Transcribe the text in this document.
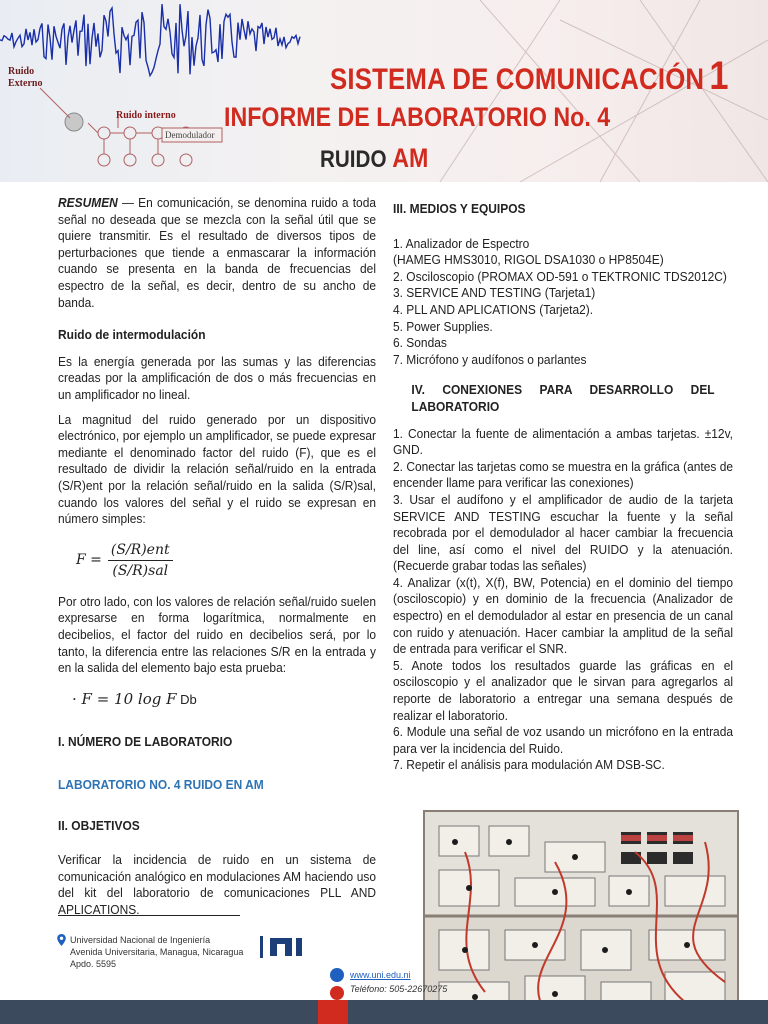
Ruido
Externo
Ruido interno
Demodulador
SISTEMA DE COMUNICACIÓN 1
INFORME DE LABORATORIO No. 4
RUIDO AM

RESUMEN — En comunicación, se denomina ruido a toda señal no deseada que se mezcla con la señal útil que se quiere transmitir. Es el resultado de diversos tipos de perturbaciones que tiende a enmascarar la información cuando se presenta en la banda de frecuencias del espectro de la señal, es decir, dentro de su ancho de banda.

Ruido de intermodulación

Es la energía generada por las sumas y las diferencias creadas por la amplificación de dos o más frecuencias en un amplificador no lineal.

La magnitud del ruido generado por un dispositivo electrónico, por ejemplo un amplificador, se puede expresar mediante el denominado factor del ruido (F), que es el resultado de dividir la relación señal/ruido en la entrada (S/R)ent por la relación señal/ruido en la salida (S/R)sal, cuando los valores del señal y el ruido se expresan en número simples:

$F = \frac{\text{(S/R)ent}}{\text{(S/R)sal}}$

Por otro lado, con los valores de relación señal/ruido suelen expresarse en forma logarítmica, normalmente en decibelios, el factor del ruido en decibelios será, por lo tanto, la diferencia entre las relaciones S/R en la entrada y en la salida del elemento bajo esta prueba:

· F = 10 log F Db

I. NÚMERO DE LABORATORIO

LABORATORIO NO. 4 RUIDO EN AM

II. OBJETIVOS

Verificar la incidencia de ruido en un sistema de comunicación analógico en modulaciones AM haciendo uso del kit del laboratorio de comunicaciones PLL AND APLICATIONS.

III. MEDIOS Y EQUIPOS

1. Analizador de Espectro

(HAMEG HMS3010, RIGOL DSA1030 o HP8504E)

2. Osciloscopio (PROMAX OD-591 o TEKTRONIC TDS2012C)

3. SERVICE AND TESTING (Tarjeta1)

4. PLL AND APLICATIONS (Tarjeta2).

5. Power Supplies.

6. Sondas

7. Micrófono y audífonos o parlantes

IV. CONEXIONES PARA DESARROLLO DEL LABORATORIO

1. Conectar la fuente de alimentación a ambas tarjetas. ±12v, GND.

2. Conectar las tarjetas como se muestra en la gráfica (antes de encender llame para verificar las conexiones)

3. Usar el audífono y el amplificador de audio de la tarjeta SERVICE AND TESTING escuchar la fuente y la señal recobrada por el demodulador al hacer cambiar la frecuencia del line, así como el nivel del RUIDO y la atenuación. (Recuerde grabar todas las señales)

4. Analizar (x(t), X(f), BW, Potencia) en el dominio del tiempo (osciloscopio) y en dominio de la frecuencia (Analizador de espectro) en el demodulador al estar en presencia de un canal con ruido y atenuación. Hacer cambiar la amplitud de la señal de entrada para verificar el SNR.

5. Anote todos los resultados guarde las gráficas en el osciloscopio y el analizador que le sirvan para agregarlos al reporte de laboratorio a entregar una semana después de realizar el laboratorio.

6. Module una señal de voz usando un micrófono en la entrada para ver la incidencia del Ruido.

7. Repetir el análisis para modulación AM DSB-SC.

Universidad Nacional de Ingeniería
Avenida Universitaria, Managua, Nicaragua
Apdo. 5595
www.uni.edu.ni
Teléfono: 505-22670275
